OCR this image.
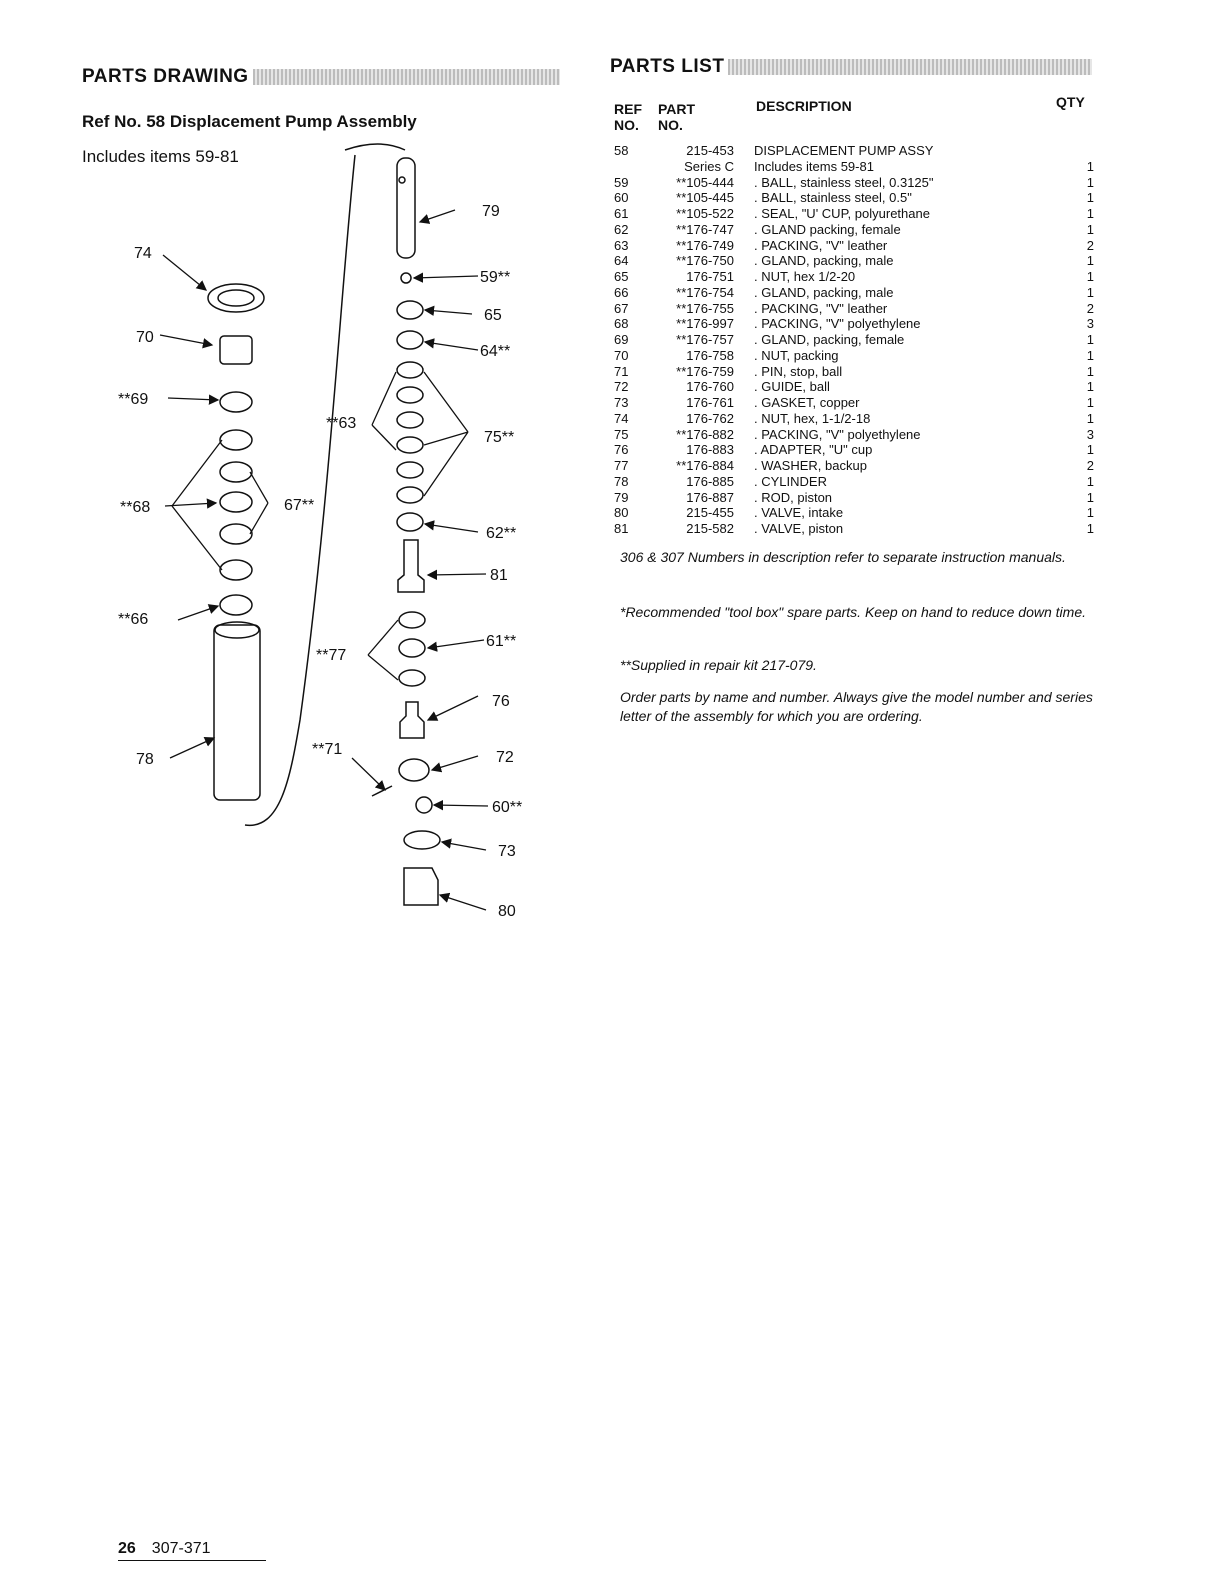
PARTS DRAWING
Ref No. 58 Displacement Pump Assembly
Includes items 59-81
PARTS LIST
79
74
70
**69
**68	67**
**66
78
59**
65
64**
**63
75**
62**
81
**77
61**
76
**71	72
60**
73
80
REF
NO.
PART
NO.
DESCRIPTION	QTY
58	215-453 DISPLACEMENT PUMP ASSY
Series C Includes items 59-81	1
59	**105-444 . BALL, stainless steel, 0.3125"	1
60	**105-445 . BALL, stainless steel, 0.5"	1
61	**105-522 . SEAL, "U' CUP, polyurethane	1
62	**176-747 . GLAND packing, female	1
63	**176-749 . PACKING, "V" leather	2
64	**176-750 . GLAND, packing, male	1
65	176-751 . NUT, hex 1/2-20	1
66	**176-754 . GLAND, packing, male	1
67	**176-755 . PACKING, "V" leather	2
68	**176-997 . PACKING, "V" polyethylene	3
69	**176-757 . GLAND, packing, female	1
70	176-758 . NUT, packing	1
71	**176-759 . PIN, stop, ball	1
72	176-760 . GUIDE, ball	1
73	176-761 . GASKET, copper	1
74	176-762 . NUT, hex, 1-1/2-18	1
75	**176-882 . PACKING, "V" polyethylene	3
76	176-883 . ADAPTER, "U" cup	1
77	**176-884 . WASHER, backup	2
78	176-885 . CYLINDER	1
79	176-887 . ROD, piston	1
80	215-455 . VALVE, intake	1
81	215-582 . VALVE, piston	1
306 & 307 Numbers in description refer to separate instruction manuals.
*Recommended "tool box" spare parts. Keep on hand to reduce down time.
**Supplied in repair kit 217-079.
Order parts by name and number. Always give the model number and series letter of the assembly for which you are ordering.
26 307-371
